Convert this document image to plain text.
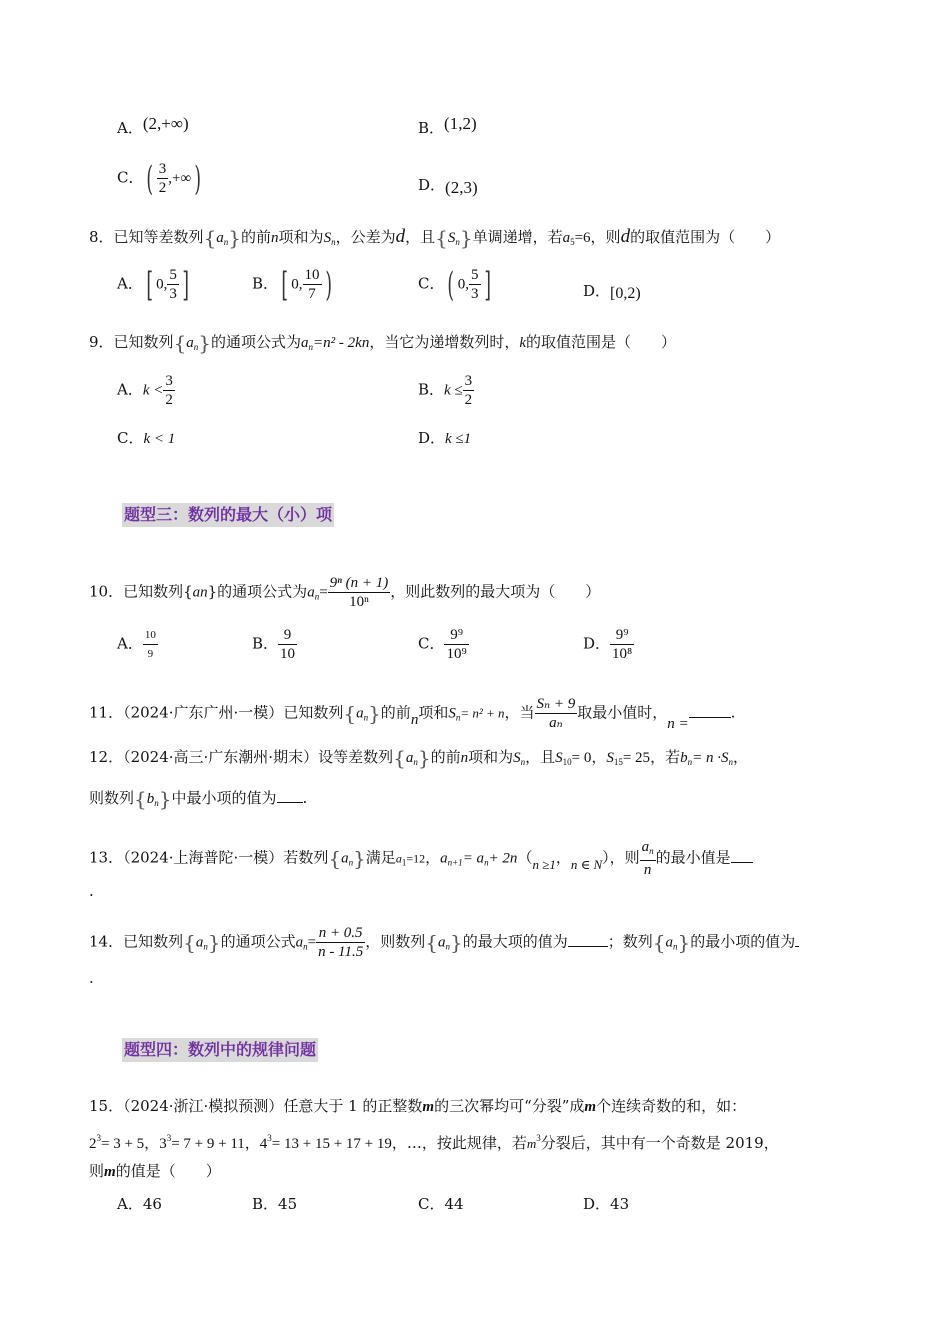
A．(2,+∞)	B．(1,2)
C．( $\frac{3}{2}$ ,+∞)	D．(2,3)
8．已知等差数列$\{a_n\}$的前n项和为$S_n$，公差为d，且$\{S_n\}$单调递增，若$a_5=6$，则d的取值范围为（　　）
A．[ 0, $\frac{5}{3}$ ]	B．[ 0, $\frac{10}{7}$ )	C．( 0, $\frac{5}{3}$ ]	D．[0,2)
9．已知数列$\{a_n\}$的通项公式为$a_n=n^2 - 2kn$，当它为递增数列时，k的取值范围是（　　）
A．$k < \frac{3}{2}$	B．$k \le \frac{3}{2}$
C．k < 1	D．k ≤1
题型三：数列的最大（小）项
10．已知数列{an}的通项公式为$a_n= \frac{\text{9ⁿ (n + 1)}}{\text{10ⁿ}}$ ，则此数列的最大项为（　　）
A． $\frac{10}{9}$	B． $\frac{9}{10}$	C． $\frac{\text{9⁹}}{\text{10⁹}}$	D． $\frac{\text{9⁹}}{\text{10⁸}}$
11．（2024·广东广州·一模）已知数列$\{a_n\}$的前n项和$S_n= n^2 + n$，当 $\frac{\text{Sₙ + 9}}{\text{aₙ}}$ 取最小值时，n =.
12．（2024·高三·广东潮州·期末）设等差数列$\{a_n\}$的前n项和为$S_n$，且$S_{10}= 0$，$S_{15}= 25$，若$b_n= n \cdot S_n$，
则数列$\{b_n\}$中最小项的值为 .
13．（2024·上海普陀·一模）若数列$\{a_n\}$满足$a_1=12$，$a_{n+1}= a_n+ 2n(n \ge 1$，n ∈ N），则 $\frac{a_n}{n}$ 的最小值是
.
14．已知数列$\{a_n\}$的通项公式$a_n= \frac{n + 0.5}{n - 11.5}$ ，则数列$\{a_n\}$的最大项的值为	；数列$\{a_n\}$的最小项的值为
.
题型四：数列中的规律问题
15．（2024·浙江·模拟预测）任意大于 1 的正整数m的三次幂均可“分裂”成m个连续奇数的和，如：
$2^3= 3 + 5$，$3^3= 7 + 9 + 11$，$4^3= 13 + 15 + 17 + 19$，…，按此规律，若$m^3$分裂后，其中有一个奇数是 2019，
则m的值是（　　）
A．46	B．45	C．44	D．43
